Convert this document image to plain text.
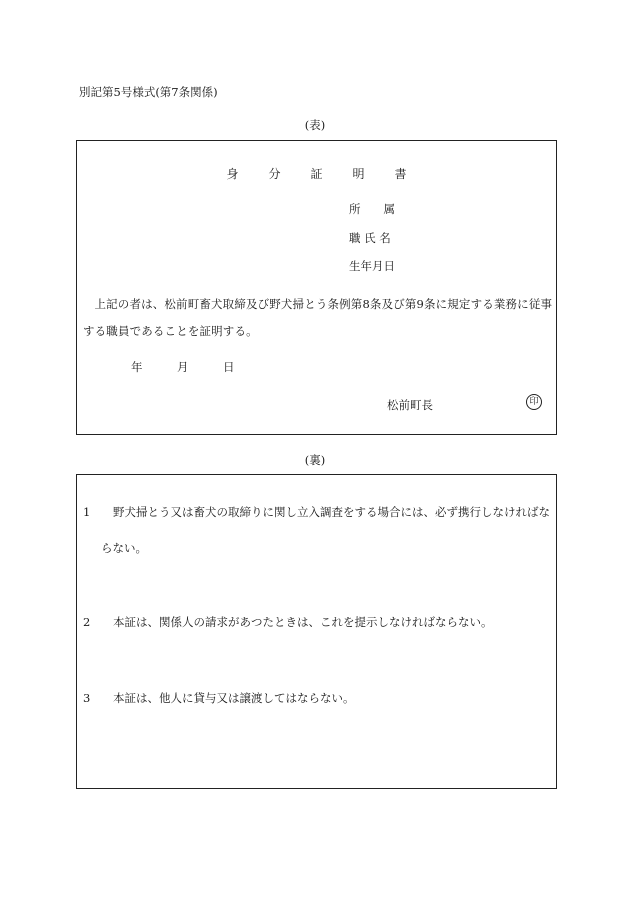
別記第5号様式(第7条関係)
(表)
身分証明書
所　　属
職 氏 名
生年月日
上記の者は、松前町畜犬取締及び野犬掃とう条例第8条及び第9条に規定する業務に従事する職員であることを証明する。
年　　　月　　　日
松前町長	印
(裏)
1	野犬掃とう又は畜犬の取締りに関し立入調査をする場合には、必ず携行しなければならない。
2	本証は、関係人の請求があつたときは、これを提示しなければならない。
3	本証は、他人に貸与又は譲渡してはならない。
